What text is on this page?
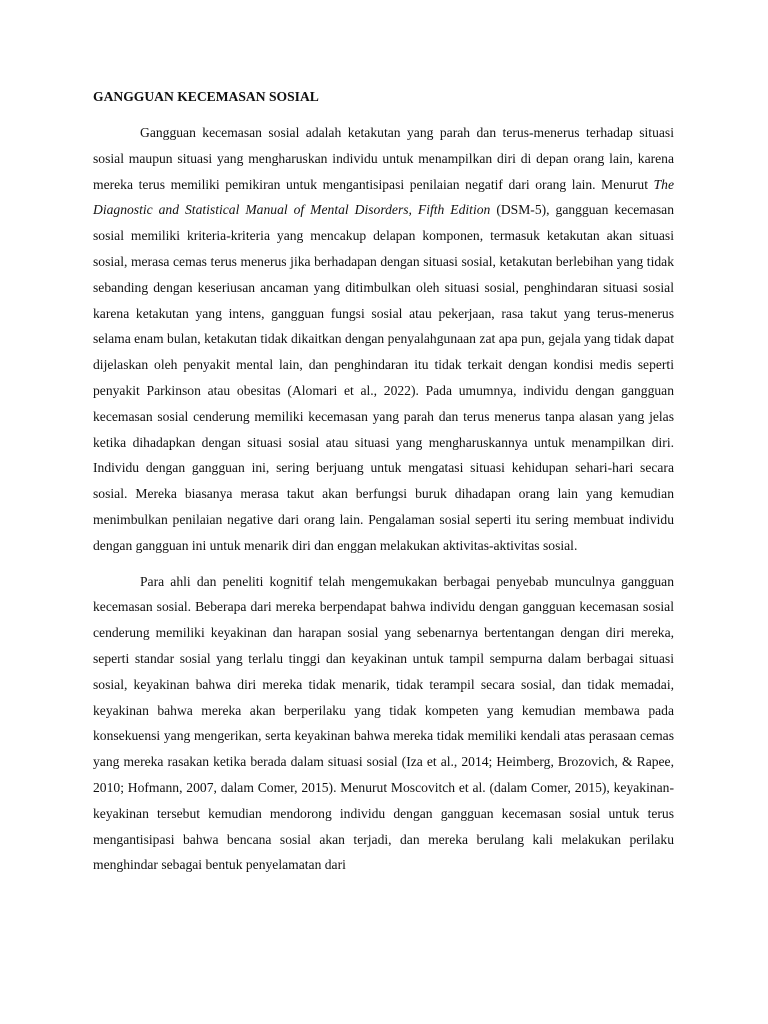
GANGGUAN KECEMASAN SOSIAL

Gangguan kecemasan sosial adalah ketakutan yang parah dan terus-menerus terhadap situasi sosial maupun situasi yang mengharuskan individu untuk menampilkan diri di depan orang lain, karena mereka terus memiliki pemikiran untuk mengantisipasi penilaian negatif dari orang lain. Menurut The Diagnostic and Statistical Manual of Mental Disorders, Fifth Edition (DSM-5), gangguan kecemasan sosial memiliki kriteria-kriteria yang mencakup delapan komponen, termasuk ketakutan akan situasi sosial, merasa cemas terus menerus jika berhadapan dengan situasi sosial, ketakutan berlebihan yang tidak sebanding dengan keseriusan ancaman yang ditimbulkan oleh situasi sosial, penghindaran situasi sosial karena ketakutan yang intens, gangguan fungsi sosial atau pekerjaan, rasa takut yang terus-menerus selama enam bulan, ketakutan tidak dikaitkan dengan penyalahgunaan zat apa pun, gejala yang tidak dapat dijelaskan oleh penyakit mental lain, dan penghindaran itu tidak terkait dengan kondisi medis seperti penyakit Parkinson atau obesitas (Alomari et al., 2022). Pada umumnya, individu dengan gangguan kecemasan sosial cenderung memiliki kecemasan yang parah dan terus menerus tanpa alasan yang jelas ketika dihadapkan dengan situasi sosial atau situasi yang mengharuskannya untuk menampilkan diri. Individu dengan gangguan ini, sering berjuang untuk mengatasi situasi kehidupan sehari-hari secara sosial. Mereka biasanya merasa takut akan berfungsi buruk dihadapan orang lain yang kemudian menimbulkan penilaian negative dari orang lain. Pengalaman sosial seperti itu sering membuat individu dengan gangguan ini untuk menarik diri dan enggan melakukan aktivitas-aktivitas sosial.

Para ahli dan peneliti kognitif telah mengemukakan berbagai penyebab munculnya gangguan kecemasan sosial. Beberapa dari mereka berpendapat bahwa individu dengan gangguan kecemasan sosial cenderung memiliki keyakinan dan harapan sosial yang sebenarnya bertentangan dengan diri mereka, seperti standar sosial yang terlalu tinggi dan keyakinan untuk tampil sempurna dalam berbagai situasi sosial, keyakinan bahwa diri mereka tidak menarik, tidak terampil secara sosial, dan tidak memadai, keyakinan bahwa mereka akan berperilaku yang tidak kompeten yang kemudian membawa pada konsekuensi yang mengerikan, serta keyakinan bahwa mereka tidak memiliki kendali atas perasaan cemas yang mereka rasakan ketika berada dalam situasi sosial (Iza et al., 2014; Heimberg, Brozovich, & Rapee, 2010; Hofmann, 2007, dalam Comer, 2015). Menurut Moscovitch et al. (dalam Comer, 2015), keyakinan-keyakinan tersebut kemudian mendorong individu dengan gangguan kecemasan sosial untuk terus mengantisipasi bahwa bencana sosial akan terjadi, dan mereka berulang kali melakukan perilaku menghindar sebagai bentuk penyelamatan dari
